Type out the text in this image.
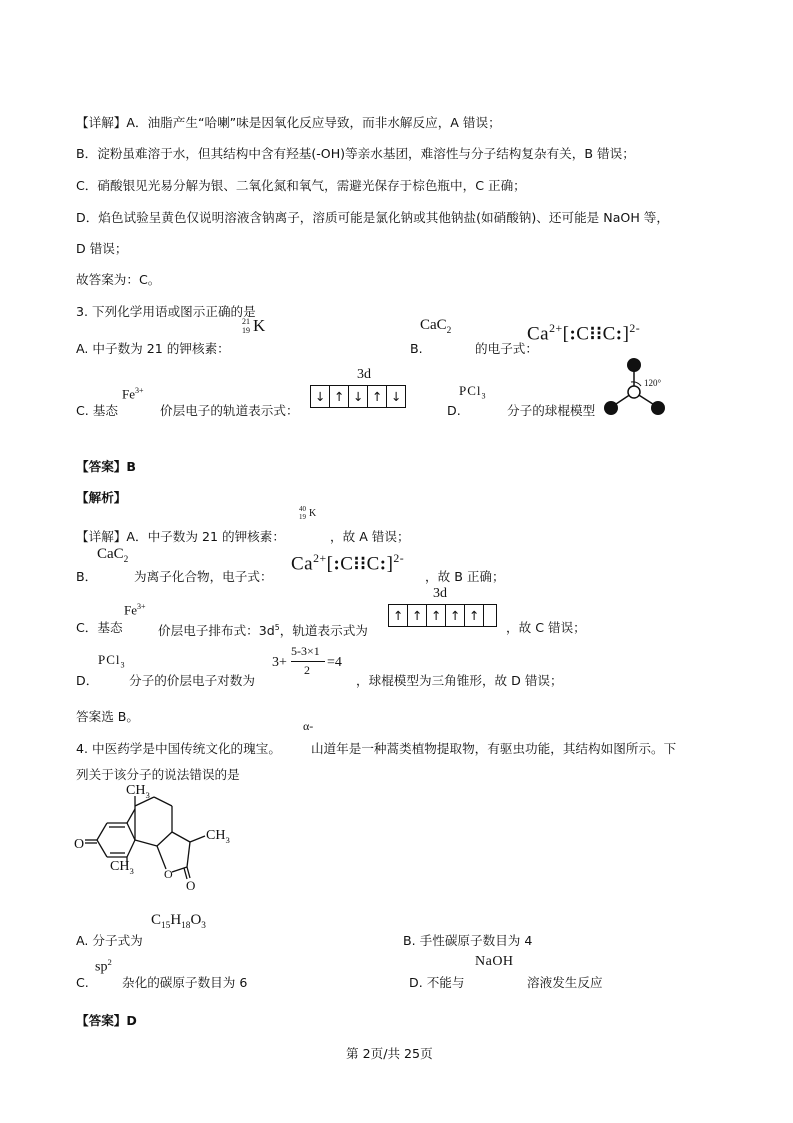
【详解】A．油脂产生“哈喇”味是因氧化反应导致，而非水解反应，A 错误；
B．淀粉虽难溶于水，但其结构中含有羟基(-OH)等亲水基团，难溶性与分子结构复杂有关，B 错误；
C．硝酸银见光易分解为银、二氧化氮和氧气，需避光保存于棕色瓶中，C 正确；
D．焰色试验呈黄色仅说明溶液含钠离子，溶质可能是氯化钠或其他钠盐(如硝酸钠)、还可能是 NaOH 等，
D 错误；
故答案为：C。
3. 下列化学用语或图示正确的是
A. 中子数为 21 的钾核素：
21
19 K
B.
CaC$_2$
的电子式：
$Ca^{2+}[:C⁝⁝C:]^{2-}$
C. 基态
$Fe^{3+}$
价层电子的轨道表示式：
3d
↓ ↑ ↓ ↑ ↓
D.
PCl$_3$
分子的球棍模型
120°
【答案】B
【解析】
【详解】A．中子数为 21 的钾核素：
40
19 K
，故 A 错误；
B．
CaC$_2$
为离子化合物，电子式：
$Ca^{2+}[:C⁝⁝C:]^{2-}$
，故 B 正确；
C．基态
$Fe^{3+}$
价层电子排布式：$3d^5$，轨道表示式为
3d
↑ ↑ ↑ ↑ ↑
，故 C 错误；
D．
PCl$_3$
分子的价层电子对数为
3+
5-3×1
2 =4
，球棍模型为三角锥形，故 D 错误；
答案选 B。
α-
4. 中医药学是中国传统文化的瑰宝。 山道年是一种蒿类植物提取物，有驱虫功能，其结构如图所示。下
列关于该分子的说法错误的是
O
O
O
$CH_3$
$CH_3$
$CH_3$
$C_{15}H_{18}O_3$
A. 分子式为	B. 手性碳原子数目为 4
$sp^2$
C.	杂化的碳原子数目为 6
NaOH
D. 不能与	溶液发生反应
【答案】D
第 2页/共 25页
